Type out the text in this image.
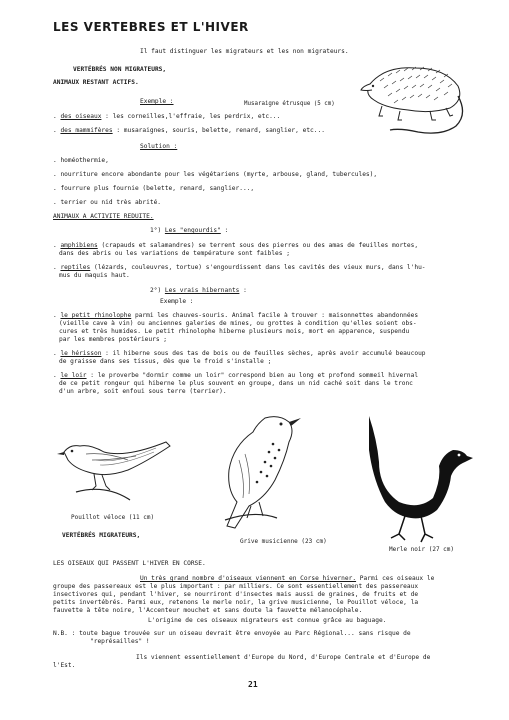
LES VERTEBRES ET L'HIVER
Il faut distinguer les migrateurs et les non migrateurs.
VERTÉBRÉS NON MIGRATEURS,
ANIMAUX RESTANT ACTIFS.
Exemple :	Musaraigne étrusque (5 cm)
. des oiseaux : les corneilles,l'effraie, les perdrix, etc...
. des mammifères : musaraignes, souris, belette, renard, sanglier, etc...
Solution :
. homéothermie,
. nourriture encore abondante pour les végétariens (myrte, arbouse, gland, tubercules),
. fourrure plus fournie (belette, renard, sanglier...,
. terrier ou nid très abrité.
ANIMAUX A ACTIVITE REDUITE.
1°) Les "engourdis" :
. amphibiens (crapauds et salamandres) se terrent sous des pierres ou des amas de feuilles mortes,
dans des abris ou les variations de température sont faibles ;
. reptiles (lézards, couleuvres, tortue) s'engourdissent dans les cavités des vieux murs, dans l'hu-
mus du maquis haut.
2°) Les vrais hibernants :
Exemple :
. le petit rhinolophe parmi les chauves-souris. Animal facile à trouver : maisonnettes abandonnées
(vieille cave à vin) ou anciennes galeries de mines, ou grottes à condition qu'elles soient obs-
cures et très humides. Le petit rhinolophe hiberne plusieurs mois, mort en apparence, suspendu
par les membres postérieurs ;
. le hérisson : il hiberne sous des tas de bois ou de feuilles sèches, après avoir accumulé beaucoup
de graisse dans ses tissus, dès que le froid s'installe ;
. le loir : le proverbe "dormir comme un loir" correspond bien au long et profond sommeil hivernal
de ce petit rongeur qui hiberne le plus souvent en groupe, dans un nid caché soit dans le tronc
d'un arbre, soit enfoui sous terre (terrier).
Pouillot véloce (11 cm)
Grive musicienne (23 cm)
Merle noir (27 cm)
VERTÉBRÉS MIGRATEURS,
LES OISEAUX QUI PASSENT L'HIVER EN CORSE.
Un très grand nombre d'oiseaux viennent en Corse hiverner. Parmi ces oiseaux le
groupe des passereaux est le plus important : par milliers. Ce sont essentiellement des passereaux
insectivores qui, pendant l'hiver, se nourriront d'insectes mais aussi de graines, de fruits et de
petits invertébrés. Parmi eux, retenons le merle noir, la grive musicienne, le Pouillot véloce, la
fauvette à tête noire, l'Accenteur mouchet et sans doute la fauvette mélanocéphale.
L'origine de ces oiseaux migrateurs est connue grâce au baguage.
N.B. : toute bague trouvée sur un oiseau devrait être envoyée au Parc Régional... sans risque de
"représailles" !
Ils viennent essentiellement d'Europe du Nord, d'Europe Centrale et d'Europe de
l'Est.
21
